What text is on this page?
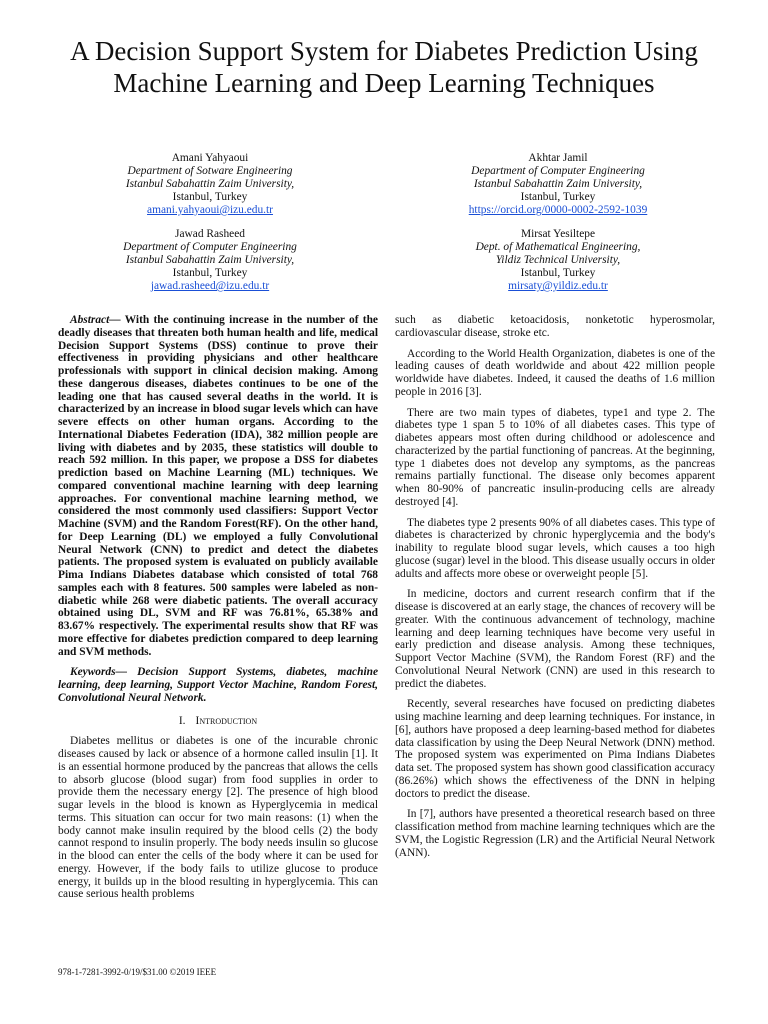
A Decision Support System for Diabetes Prediction Using Machine Learning and Deep Learning Techniques
Amani Yahyaoui
Department of Sotware Engineering
Istanbul Sabahattin Zaim University,
Istanbul, Turkey
amani.yahyaoui@izu.edu.tr
Akhtar Jamil
Department of Computer Engineering
Istanbul Sabahattin Zaim University,
Istanbul, Turkey
https://orcid.org/0000-0002-2592-1039
Jawad Rasheed
Department of Computer Engineering
Istanbul Sabahattin Zaim University,
Istanbul, Turkey
jawad.rasheed@izu.edu.tr
Mirsat Yesiltepe
Dept. of Mathematical Engineering,
Yildiz Technical University,
Istanbul, Turkey
mirsaty@yildiz.edu.tr

Abstract— With the continuing increase in the number of the deadly diseases that threaten both human health and life, medical Decision Support Systems (DSS) continue to prove their effectiveness in providing physicians and other healthcare professionals with support in clinical decision making. Among these dangerous diseases, diabetes continues to be one of the leading one that has caused several deaths in the world. It is characterized by an increase in blood sugar levels which can have severe effects on other human organs. According to the International Diabetes Federation (IDA), 382 million people are living with diabetes and by 2035, these statistics will double to reach 592 million. In this paper, we propose a DSS for diabetes prediction based on Machine Learning (ML) techniques. We compared conventional machine learning with deep learning approaches. For conventional machine learning method, we considered the most commonly used classifiers: Support Vector Machine (SVM) and the Random Forest(RF). On the other hand, for Deep Learning (DL) we employed a fully Convolutional Neural Network (CNN) to predict and detect the diabetes patients. The proposed system is evaluated on publicly available Pima Indians Diabetes database which consisted of total 768 samples each with 8 features. 500 samples were labeled as non-diabetic while 268 were diabetic patients. The overall accuracy obtained using DL, SVM and RF was 76.81%, 65.38% and 83.67% respectively. The experimental results show that RF was more effective for diabetes prediction compared to deep learning and SVM methods.

Keywords— Decision Support Systems, diabetes, machine learning, deep learning, Support Vector Machine, Random Forest, Convolutional Neural Network.

I. Introduction

Diabetes mellitus or diabetes is one of the incurable chronic diseases caused by lack or absence of a hormone called insulin [1]. It is an essential hormone produced by the pancreas that allows the cells to absorb glucose (blood sugar) from food supplies in order to provide them the necessary energy [2]. The presence of high blood sugar levels in the blood is known as Hyperglycemia in medical terms. This situation can occur for two main reasons: (1) when the body cannot make insulin required by the blood cells (2) the body cannot respond to insulin properly. The body needs insulin so glucose in the blood can enter the cells of the body where it can be used for energy. However, if the body fails to utilize glucose to produce energy, it builds up in the blood resulting in hyperglycemia. This can cause serious health problems

such as diabetic ketoacidosis, nonketotic hyperosmolar, cardiovascular disease, stroke etc.

According to the World Health Organization, diabetes is one of the leading causes of death worldwide and about 422 million people worldwide have diabetes. Indeed, it caused the deaths of 1.6 million people in 2016 [3].

There are two main types of diabetes, type1 and type 2. The diabetes type 1 span 5 to 10% of all diabetes cases. This type of diabetes appears most often during childhood or adolescence and characterized by the partial functioning of pancreas. At the beginning, type 1 diabetes does not develop any symptoms, as the pancreas remains partially functional. The disease only becomes apparent when 80-90% of pancreatic insulin-producing cells are already destroyed [4].

The diabetes type 2 presents 90% of all diabetes cases. This type of diabetes is characterized by chronic hyperglycemia and the body's inability to regulate blood sugar levels, which causes a too high glucose (sugar) level in the blood. This disease usually occurs in older adults and affects more obese or overweight people [5].

In medicine, doctors and current research confirm that if the disease is discovered at an early stage, the chances of recovery will be greater. With the continuous advancement of technology, machine learning and deep learning techniques have become very useful in early prediction and disease analysis. Among these techniques, Support Vector Machine (SVM), the Random Forest (RF) and the Convolutional Neural Network (CNN) are used in this research to predict the diabetes.

Recently, several researches have focused on predicting diabetes using machine learning and deep learning techniques. For instance, in [6], authors have proposed a deep learning-based method for diabetes data classification by using the Deep Neural Network (DNN) method. The proposed system was experimented on Pima Indians Diabetes data set. The proposed system has shown good classification accuracy (86.26%) which shows the effectiveness of the DNN in helping doctors to predict the disease.

In [7], authors have presented a theoretical research based on three classification method from machine learning techniques which are the SVM, the Logistic Regression (LR) and the Artificial Neural Network (ANN).

978-1-7281-3992-0/19/$31.00 ©2019 IEEE
